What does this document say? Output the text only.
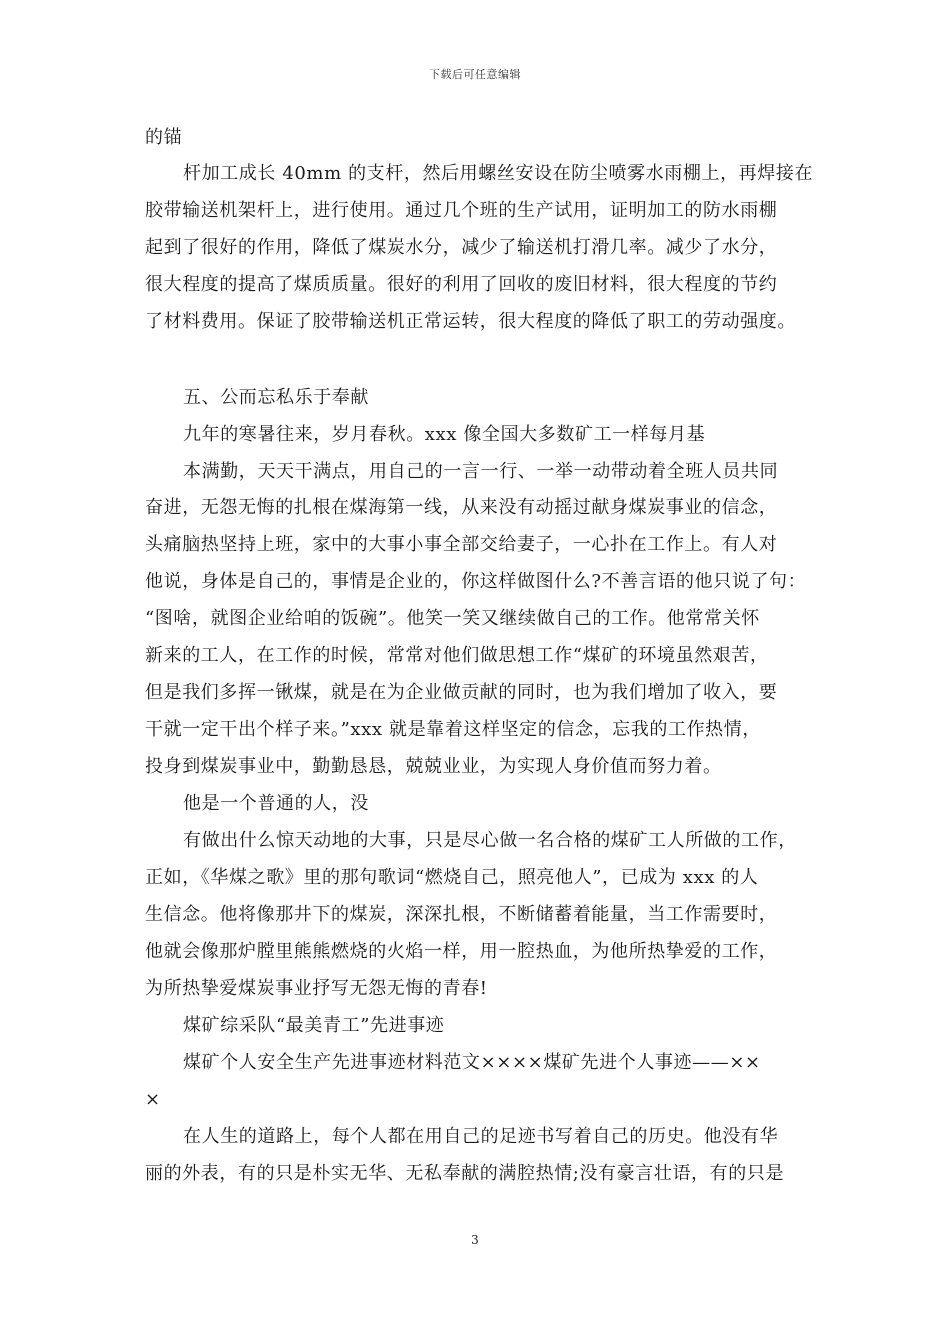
下载后可任意编辑
的锚
杆加工成长 40mm 的支杆，然后用螺丝安设在防尘喷雾水雨棚上，再焊接在
胶带输送机架杆上，进行使用。通过几个班的生产试用，证明加工的防水雨棚
起到了很好的作用，降低了煤炭水分，减少了输送机打滑几率。减少了水分，
很大程度的提高了煤质质量。很好的利用了回收的废旧材料，很大程度的节约
了材料费用。保证了胶带输送机正常运转，很大程度的降低了职工的劳动强度。
五、公而忘私乐于奉献
九年的寒暑往来，岁月春秋。xxx 像全国大多数矿工一样每月基
本满勤，天天干满点，用自己的一言一行、一举一动带动着全班人员共同
奋进，无怨无悔的扎根在煤海第一线，从来没有动摇过献身煤炭事业的信念，
头痛脑热坚持上班，家中的大事小事全部交给妻子，一心扑在工作上。有人对
他说，身体是自己的，事情是企业的，你这样做图什么?不善言语的他只说了句：
“图啥，就图企业给咱的饭碗”。他笑一笑又继续做自己的工作。他常常关怀
新来的工人，在工作的时候，常常对他们做思想工作“煤矿的环境虽然艰苦，
但是我们多挥一锹煤，就是在为企业做贡献的同时，也为我们增加了收入，要
干就一定干出个样子来。”xxx 就是靠着这样坚定的信念，忘我的工作热情，
投身到煤炭事业中，勤勤恳恳，兢兢业业，为实现人身价值而努力着。
他是一个普通的人，没
有做出什么惊天动地的大事，只是尽心做一名合格的煤矿工人所做的工作，
正如，《华煤之歌》里的那句歌词“燃烧自己，照亮他人”，已成为 xxx 的人
生信念。他将像那井下的煤炭，深深扎根，不断储蓄着能量，当工作需要时，
他就会像那炉膛里熊熊燃烧的火焰一样，用一腔热血，为他所热挚爱的工作，
为所热挚爱煤炭事业抒写无怨无悔的青春!
煤矿综采队“最美青工”先进事迹
煤矿个人安全生产先进事迹材料范文××××煤矿先进个人事迹——××
×
在人生的道路上，每个人都在用自己的足迹书写着自己的历史。他没有华
丽的外表，有的只是朴实无华、无私奉献的满腔热情;没有豪言壮语，有的只是
3
